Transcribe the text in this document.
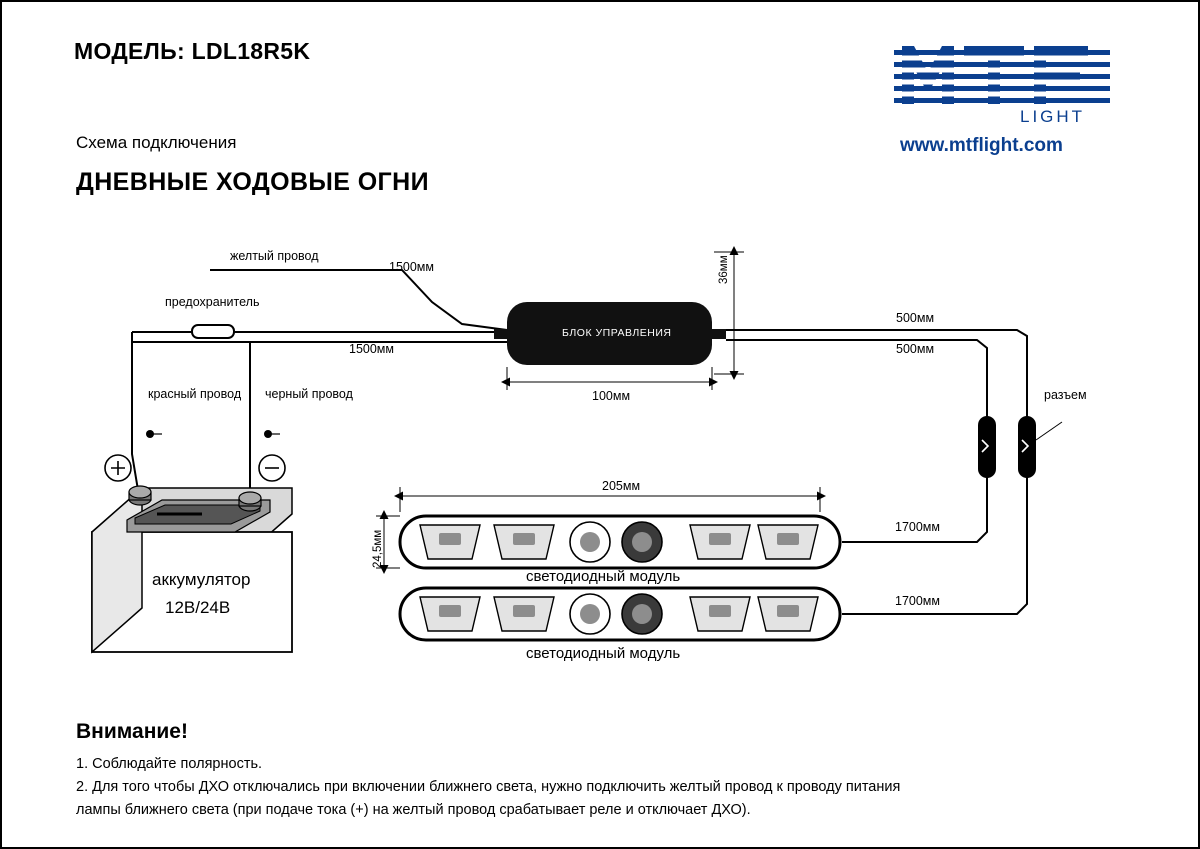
МОДЕЛЬ: LDL18R5K
Схема подключения
ДНЕВНЫЕ ХОДОВЫЕ ОГНИ
LIGHT
www.mtflight.com
желтый провод
предохранитель
1500мм
1500мм
36мм
100мм
БЛОК УПРАВЛЕНИЯ
500мм
500мм
разъем
красный провод черный провод
аккумулятор
12В/24В
205мм
24,5мм
светодиодный модуль
светодиодный модуль
1700мм
1700мм
Внимание!
1. Соблюдайте полярность.
2. Для того чтобы ДХО отключались при включении ближнего света, нужно подключить желтый провод к проводу питания
лампы ближнего света (при подаче тока (+) на желтый провод срабатывает реле и отключает ДХО).
